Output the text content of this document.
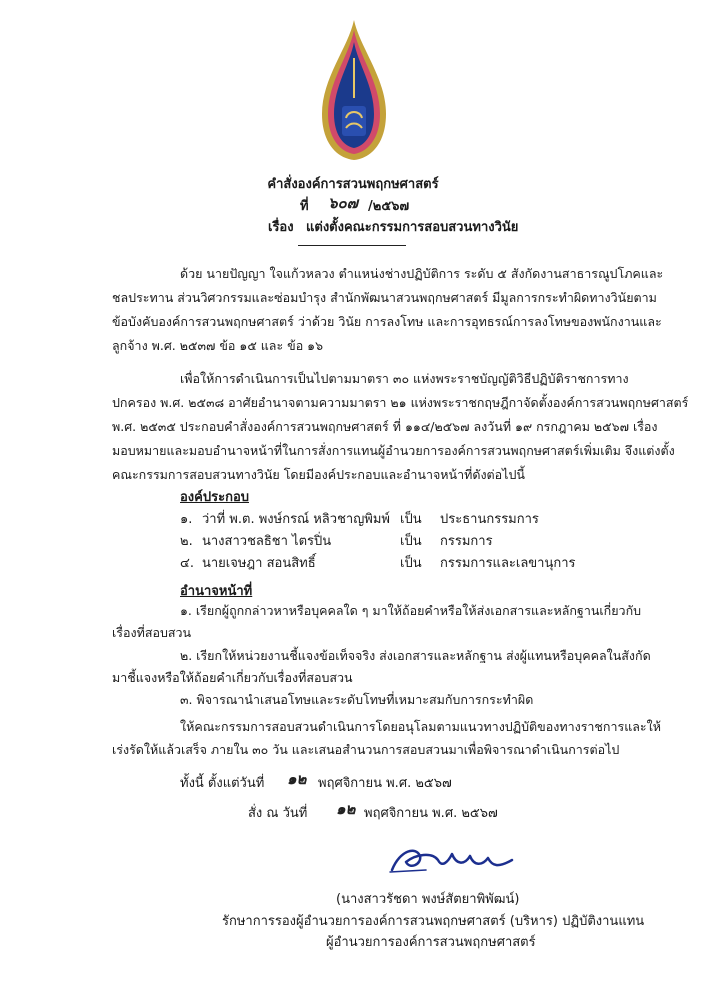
คำสั่งองค์การสวนพฤกษศาสตร์
ที่ ๖๐๗ /๒๕๖๗
เรื่อง แต่งตั้งคณะกรรมการสอบสวนทางวินัย
ด้วย นายปัญญา ใจแก้วหลวง ตำแหน่งช่างปฏิบัติการ ระดับ ๕ สังกัดงานสาธารณูปโภคและ
ชลประทาน ส่วนวิศวกรรมและซ่อมบำรุง สำนักพัฒนาสวนพฤกษศาสตร์ มีมูลการกระทำผิดทางวินัยตาม
ข้อบังคับองค์การสวนพฤกษศาสตร์ ว่าด้วย วินัย การลงโทษ และการอุทธรณ์การลงโทษของพนักงานและ
ลูกจ้าง พ.ศ. ๒๕๓๗ ข้อ ๑๕ และ ข้อ ๑๖
เพื่อให้การดำเนินการเป็นไปตามมาตรา ๓๐ แห่งพระราชบัญญัติวิธีปฏิบัติราชการทาง
ปกครอง พ.ศ. ๒๕๓๘ อาศัยอำนาจตามความมาตรา ๒๑ แห่งพระราชกฤษฎีกาจัดตั้งองค์การสวนพฤกษศาสตร์
พ.ศ. ๒๕๓๕ ประกอบคำสั่งองค์การสวนพฤกษศาสตร์ ที่ ๑๑๔/๒๕๖๗ ลงวันที่ ๑๙ กรกฎาคม ๒๕๖๗ เรื่อง
มอบหมายและมอบอำนาจหน้าที่ในการสั่งการแทนผู้อำนวยการองค์การสวนพฤกษศาสตร์เพิ่มเติม จึงแต่งตั้ง
คณะกรรมการสอบสวนทางวินัย โดยมีองค์ประกอบและอำนาจหน้าที่ดังต่อไปนี้
องค์ประกอบ
๑. ว่าที่ พ.ต. พงษ์กรณ์ หลิวชาญพิมพ์ เป็น ประธานกรรมการ
๒. นางสาวชลธิชา ไตรปิ่น	เป็น กรรมการ
๔. นายเจษฎา สอนสิทธิ์	เป็น กรรมการและเลขานุการ
อำนาจหน้าที่
๑. เรียกผู้ถูกกล่าวหาหรือบุคคลใด ๆ มาให้ถ้อยคำหรือให้ส่งเอกสารและหลักฐานเกี่ยวกับ
เรื่องที่สอบสวน
๒. เรียกให้หน่วยงานชี้แจงข้อเท็จจริง ส่งเอกสารและหลักฐาน ส่งผู้แทนหรือบุคคลในสังกัด
มาชี้แจงหรือให้ถ้อยคำเกี่ยวกับเรื่องที่สอบสวน
๓. พิจารณานำเสนอโทษและระดับโทษที่เหมาะสมกับการกระทำผิด
ให้คณะกรรมการสอบสวนดำเนินการโดยอนุโลมตามแนวทางปฏิบัติของทางราชการและให้
เร่งรัดให้แล้วเสร็จ ภายใน ๓๐ วัน และเสนอสำนวนการสอบสวนมาเพื่อพิจารณาดำเนินการต่อไป
ทั้งนี้ ตั้งแต่วันที่ ๑๒ พฤศจิกายน พ.ศ. ๒๕๖๗
สั่ง ณ วันที่ ๑๒ พฤศจิกายน พ.ศ. ๒๕๖๗
(นางสาวรัชดา พงษ์สัตยาพิพัฒน์)
รักษาการรองผู้อำนวยการองค์การสวนพฤกษศาสตร์ (บริหาร) ปฏิบัติงานแทน
ผู้อำนวยการองค์การสวนพฤกษศาสตร์
